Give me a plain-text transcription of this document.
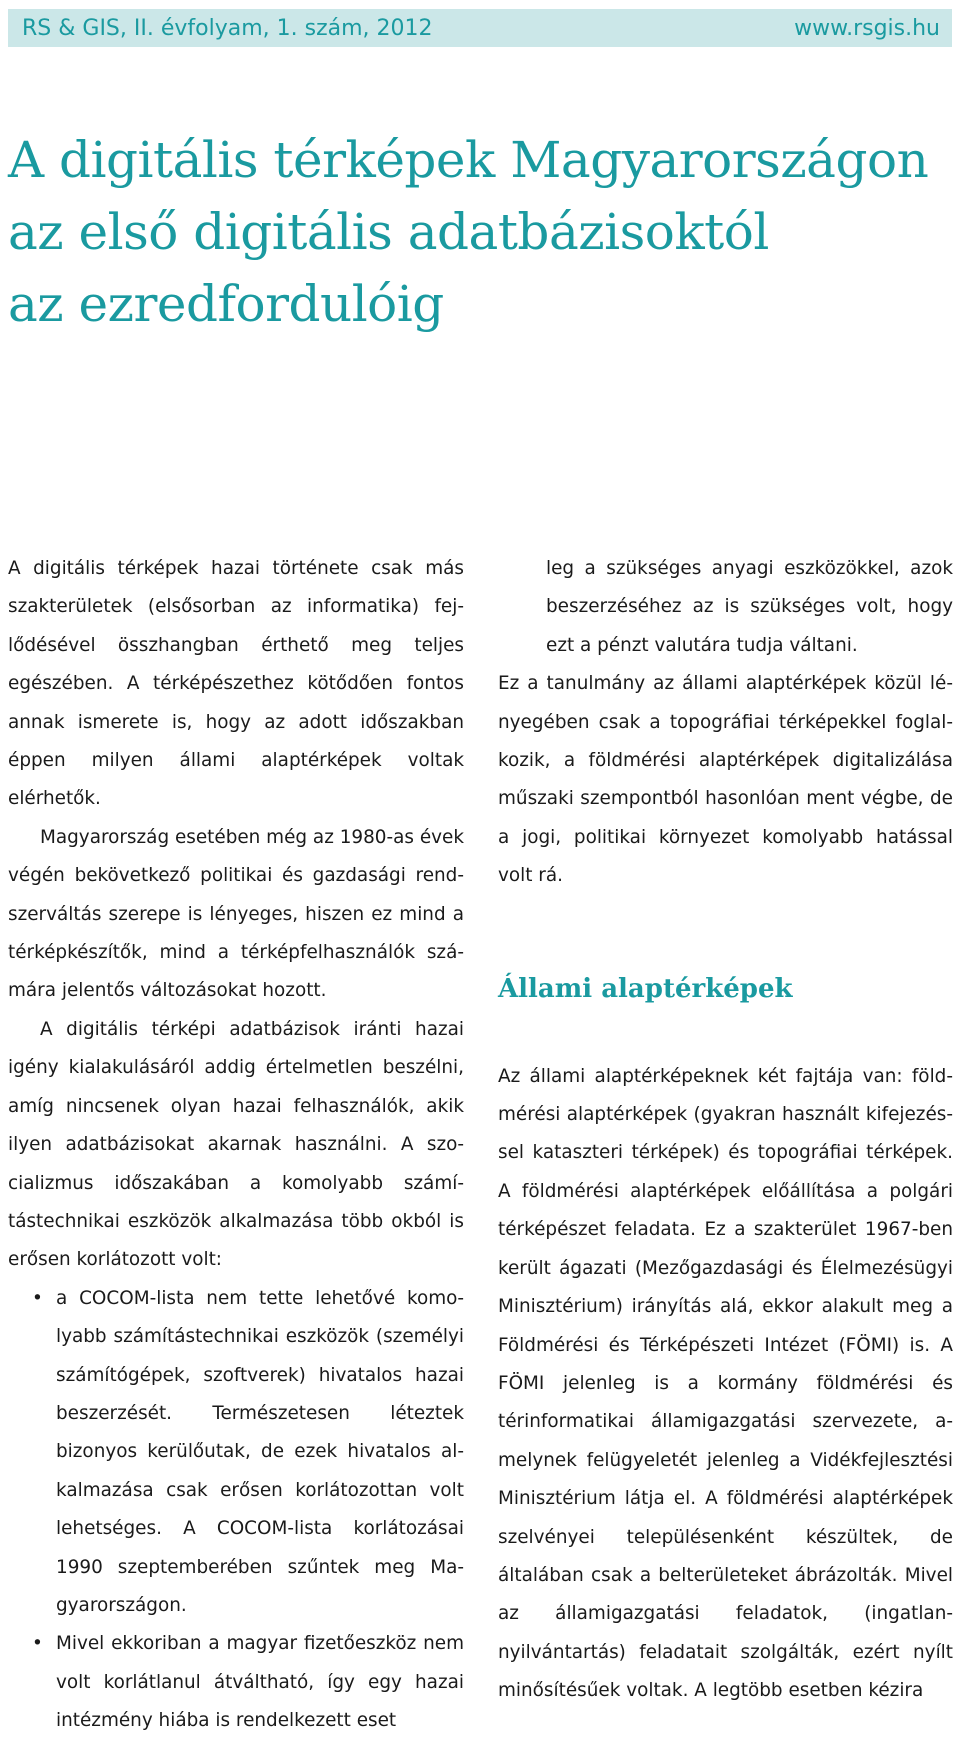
RS & GIS, II. évfolyam, 1. szám, 2012	www.rsgis.hu
A digitális térképek Magyarországon
az első digitális adatbázisoktól
az ezredfordulóig

A digitális térképek hazai története csak más szakterületek (elsősorban az informatika) fejlődésével összhangban érthető meg teljes egészében. A térképészethez kötődően fontos annak ismerete is, hogy az adott időszakban éppen milyen állami alaptérképek voltak elérhetők.

Magyarország esetében még az 1980-as évek végén bekövetkező politikai és gazdasági rendszerváltás szerepe is lényeges, hiszen ez mind a térképkészítők, mind a térképfelhasználók számára jelentős változásokat hozott.

A digitális térképi adatbázisok iránti hazai igény kialakulásáról addig értelmetlen beszélni, amíg nincsenek olyan hazai felhasználók, akik ilyen adatbázisokat akarnak használni. A szocializmus időszakában a komolyabb számítástechnikai eszközök alkalmazása több okból is erősen korlátozott volt:

• a COCOM-lista nem tette lehetővé komolyabb számítástechnikai eszközök (személyi számítógépek, szoftverek) hivatalos hazai beszerzését. Természetesen léteztek bizonyos kerülőutak, de ezek hivatalos alkalmazása csak erősen korlátozottan volt lehetséges. A COCOM-lista korlátozásai 1990 szeptemberében szűntek meg Magyarországon.
• Mivel ekkoriban a magyar fizetőeszköz nem volt korlátlanul átváltható, így egy hazai intézmény hiába is rendelkezett eset

leg a szükséges anyagi eszközökkel, azok beszerzéséhez az is szükséges volt, hogy ezt a pénzt valutára tudja váltani.

Ez a tanulmány az állami alaptérképek közül lényegében csak a topográfiai térképekkel foglalkozik, a földmérési alaptérképek digitalizálása műszaki szempontból hasonlóan ment végbe, de a jogi, politikai környezet komolyabb hatással volt rá.

Állami alaptérképek

Az állami alaptérképeknek két fajtája van: földmérési alaptérképek (gyakran használt kifejezéssel kataszteri térképek) és topográfiai térképek. A földmérési alaptérképek előállítása a polgári térképészet feladata. Ez a szakterület 1967-ben került ágazati (Mezőgazdasági és Élelmezésügyi Minisztérium) irányítás alá, ekkor alakult meg a Földmérési és Térképészeti Intézet (FÖMI) is. A FÖMI jelenleg is a kormány földmérési és térinformatikai államigazgatási szervezete, amelynek felügyeletét jelenleg a Vidékfejlesztési Minisztérium látja el. A földmérési alaptérképek szelvényei településenként készültek, de általában csak a belterületeket ábrázolták. Mivel az államigazgatási feladatok, (ingatlannyilvántartás) feladatait szolgálták, ezért nyílt minősítésűek voltak. A legtöbb esetben kézira
